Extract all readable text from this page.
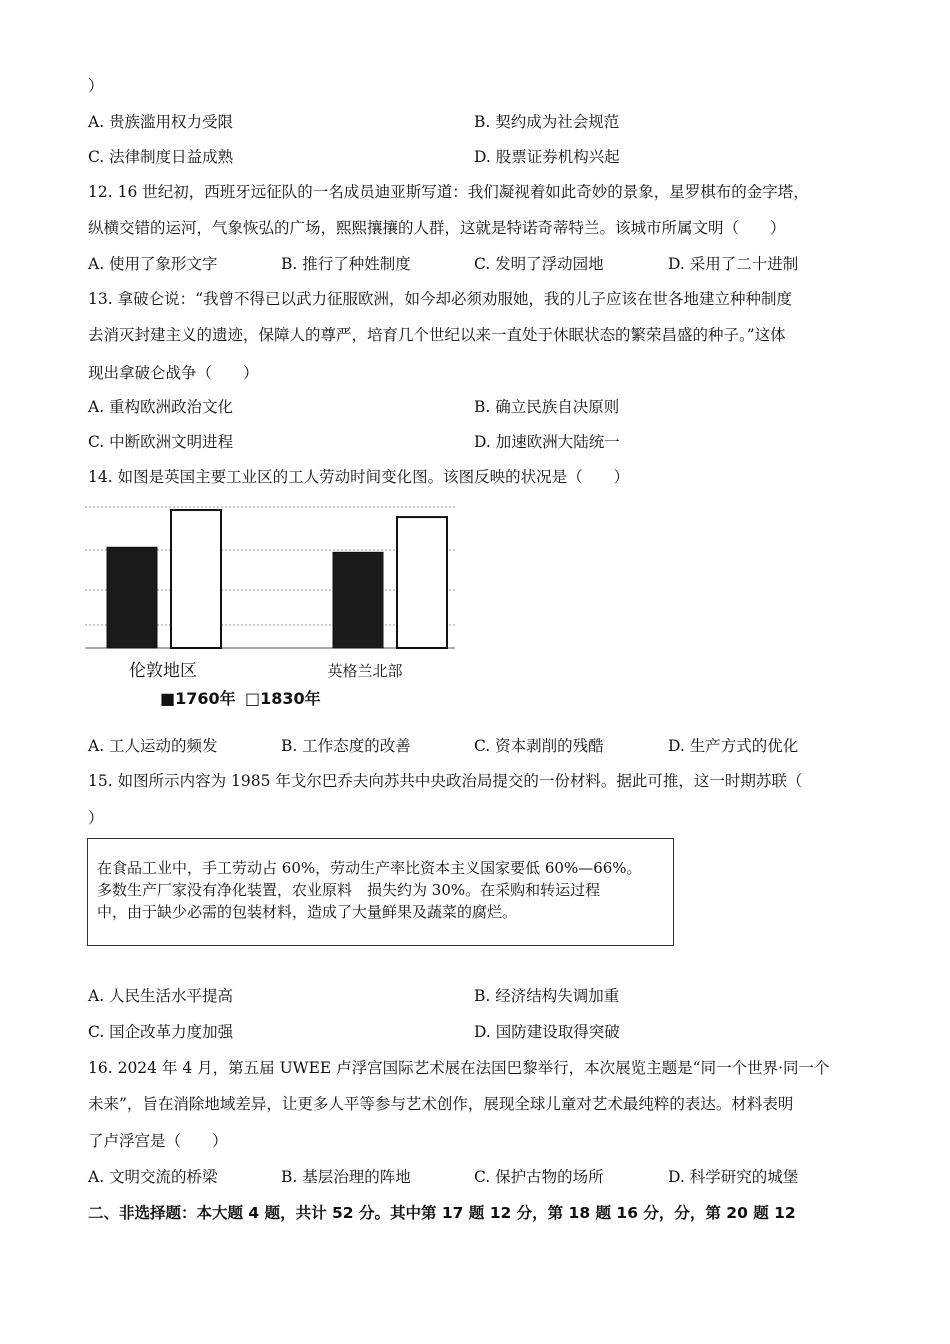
）
A. 贵族滥用权力受限	B. 契约成为社会规范
C. 法律制度日益成熟	D. 股票证券机构兴起
12. 16 世纪初，西班牙远征队的一名成员迪亚斯写道：我们凝视着如此奇妙的景象，星罗棋布的金字塔，
纵横交错的运河，气象恢弘的广场，熙熙攘攘的人群，这就是特诺奇蒂特兰。该城市所属文明（　　）
A. 使用了象形文字	B. 推行了种姓制度	C. 发明了浮动园地	D. 采用了二十进制
13. 拿破仑说：“我曾不得已以武力征服欧洲，如今却必须劝服她，我的儿子应该在世各地建立种种制度
去消灭封建主义的遗迹，保障人的尊严，培育几个世纪以来一直处于休眠状态的繁荣昌盛的种子。”这体
现出拿破仑战争（　　）
A. 重构欧洲政治文化	B. 确立民族自决原则
C. 中断欧洲文明进程	D. 加速欧洲大陆统一
14. 如图是英国主要工业区的工人劳动时间变化图。该图反映的状况是（　　）
伦敦地区	英格兰北部
■1760年 □1830年
A. 工人运动的频发	B. 工作态度的改善	C. 资本剥削的残酷	D. 生产方式的优化
15. 如图所示内容为 1985 年戈尔巴乔夫向苏共中央政治局提交的一份材料。据此可推，这一时期苏联（
）
在食品工业中，手工劳动占 60%，劳动生产率比资本主义国家要低 60%—66%。
多数生产厂家没有净化装置，农业原料　损失约为 30%。在采购和转运过程
中，由于缺少必需的包装材料，造成了大量鲜果及蔬菜的腐烂。
A. 人民生活水平提高	B. 经济结构失调加重
C. 国企改革力度加强	D. 国防建设取得突破
16. 2024 年 4 月，第五届 UWEE 卢浮宫国际艺术展在法国巴黎举行，本次展览主题是“同一个世界·同一个
未来”，旨在消除地域差异，让更多人平等参与艺术创作，展现全球儿童对艺术最纯粹的表达。材料表明
了卢浮宫是（　　）
A. 文明交流的桥梁	B. 基层治理的阵地	C. 保护古物的场所	D. 科学研究的城堡
二、非选择题：本大题 4 题，共计 52 分。其中第 17 题 12 分，第 18 题 16 分，分，第 20 题 12
